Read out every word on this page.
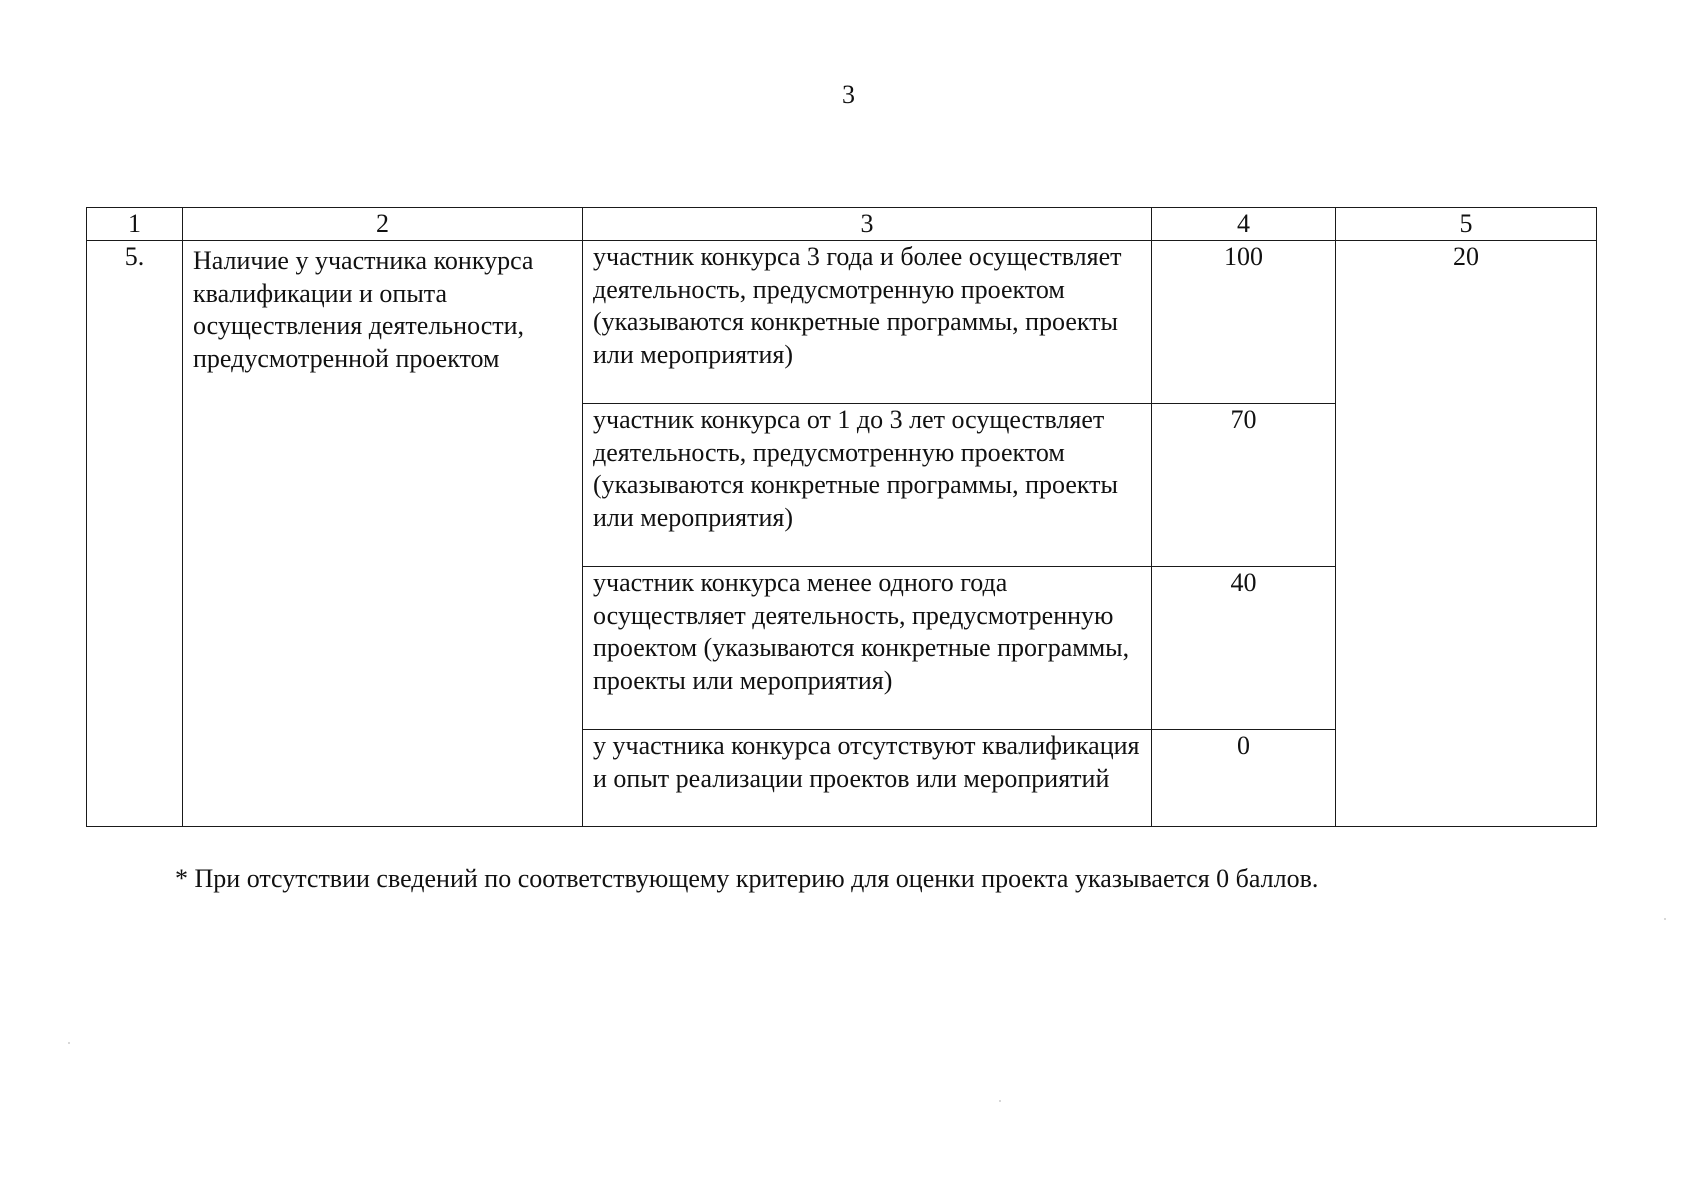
3
1	2	3	4	5
5.	Наличие у участника конкурса квалификации и опыта осуществления деятельности, предусмотренной проектом	участник конкурса 3 года и более осуществляет деятельность, предусмотренную проектом (указываются конкретные программы, проекты или мероприятия)	100	20
		участник конкурса от 1 до 3 лет осуществляет деятельность, предусмотренную проектом (указываются конкретные программы, проекты или мероприятия)	70	
		участник конкурса менее одного года осуществляет деятельность, предусмотренную проектом (указываются конкретные программы, проекты или мероприятия)	40	
		у участника конкурса отсутствуют квалификация и опыт реализации проектов или мероприятий	0	
* При отсутствии сведений по соответствующему критерию для оценки проекта указывается 0 баллов.
